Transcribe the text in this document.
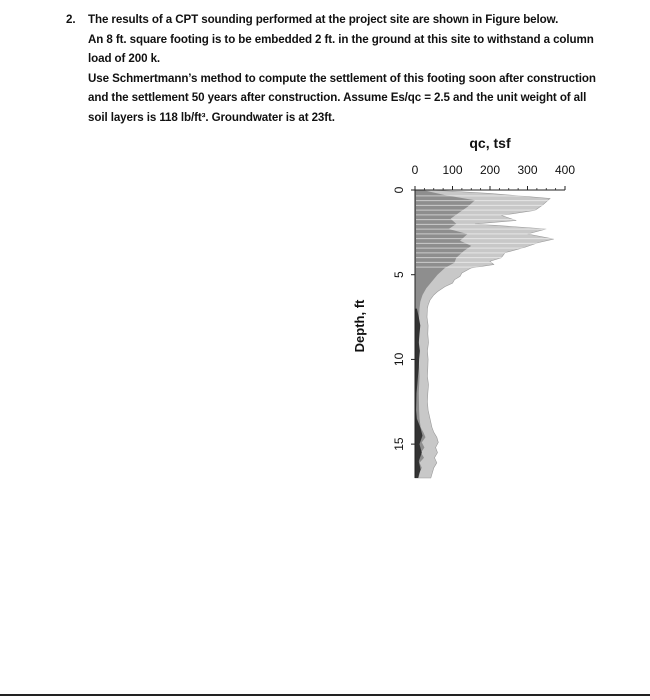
2.	The results of a CPT sounding performed at the project site are shown in Figure below.

An 8 ft. square footing is to be embedded 2 ft. in the ground at this site to withstand a column

load of 200 k.

Use Schmertmann’s method to compute the settlement of this footing soon after construction

and the settlement 50 years after construction. Assume Es/qc = 2.5 and the unit weight of all

soil layers is 118 lb/ft³. Groundwater is at 23ft.

0 100 200 300 400
0
5
10
15
qc, tsf
Depth, ft
